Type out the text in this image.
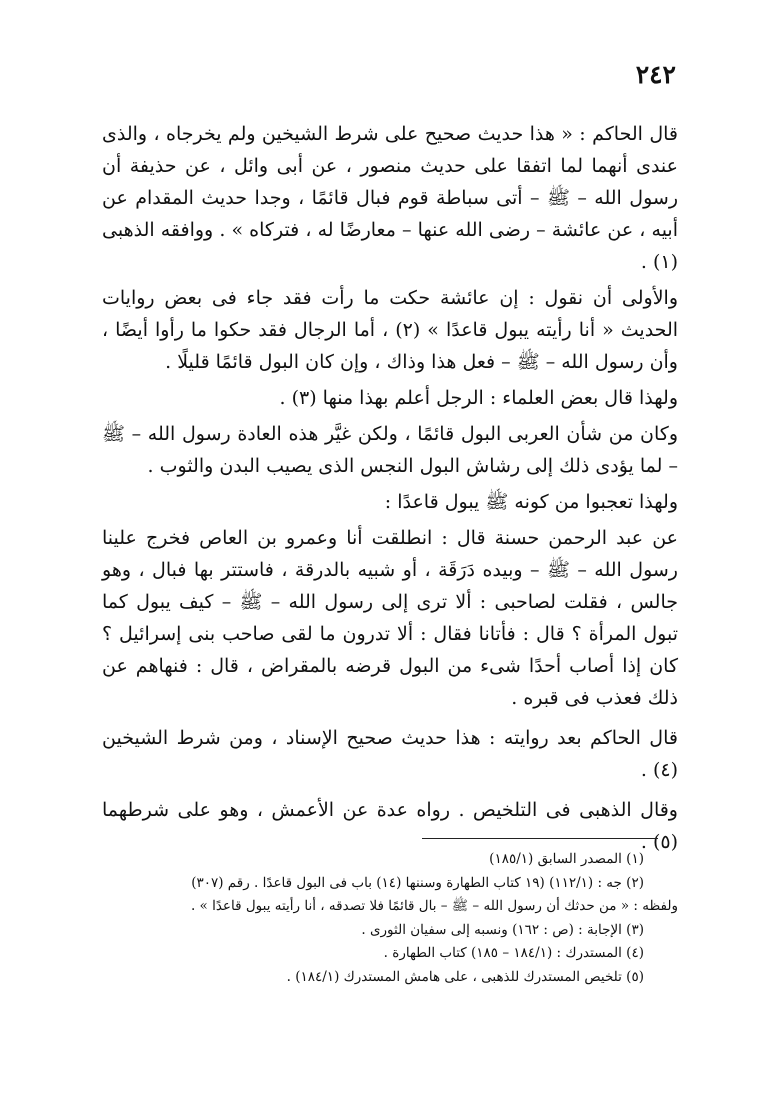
٢٤٢

قال الحاكم : « هذا حديث صحيح على شرط الشيخين ولم يخرجاه ، والذى عندى أنهما لما اتفقا على حديث منصور ، عن أبى وائل ، عن حذيفة أن رسول الله – ﷺ – أتى سباطة قوم فبال قائمًا ، وجدا حديث المقدام عن أبيه ، عن عائشة – رضى الله عنها – معارضًا له ، فتركاه » . ووافقه الذهبى (١) .

والأولى أن نقول : إن عائشة حكت ما رأت فقد جاء فى بعض روايات الحديث « أنا رأيته يبول قاعدًا » (٢) ، أما الرجال فقد حكوا ما رأوا أيضًا ، وأن رسول الله – ﷺ – فعل هذا وذاك ، وإن كان البول قائمًا قليلًا .

ولهذا قال بعض العلماء : الرجل أعلم بهذا منها (٣) .

وكان من شأن العربى البول قائمًا ، ولكن غيَّر هذه العادة رسول الله – ﷺ – لما يؤدى ذلك إلى رشاش البول النجس الذى يصيب البدن والثوب .

ولهذا تعجبوا من كونه ﷺ يبول قاعدًا :

عن عبد الرحمن حسنة قال : انطلقت أنا وعمرو بن العاص فخرج علينا رسول الله – ﷺ – وبيده دَرَقَة ، أو شبيه بالدرقة ، فاستتر بها فبال ، وهو جالس ، فقلت لصاحبى : ألا ترى إلى رسول الله – ﷺ – كيف يبول كما تبول المرأة ؟ قال : فأتانا فقال : ألا تدرون ما لقى صاحب بنى إسرائيل ؟ كان إذا أصاب أحدًا شىء من البول قرضه بالمقراض ، قال : فنهاهم عن ذلك فعذب فى قبره .

قال الحاكم بعد روايته : هذا حديث صحيح الإسناد ، ومن شرط الشيخين (٤) .

وقال الذهبى فى التلخيص . رواه عدة عن الأعمش ، وهو على شرطهما (٥) .

(١) المصدر السابق (١٨٥/١)

(٢) جه : (١١٢/١) (١٩ كتاب الطهارة وسننها (١٤) باب فى البول قاعدًا . رقم (٣٠٧)

ولفظه : « من حدثك أن رسول الله – ﷺ – بال قائمًا فلا تصدقه ، أنا رأيته يبول قاعدًا » .

(٣) الإجابة : (ص : ١٦٢) ونسبه إلى سفيان الثورى .

(٤) المستدرك : (١٨٤/١ – ١٨٥) كتاب الطهارة .

(٥) تلخيص المستدرك للذهبى ، على هامش المستدرك (١٨٤/١) .
